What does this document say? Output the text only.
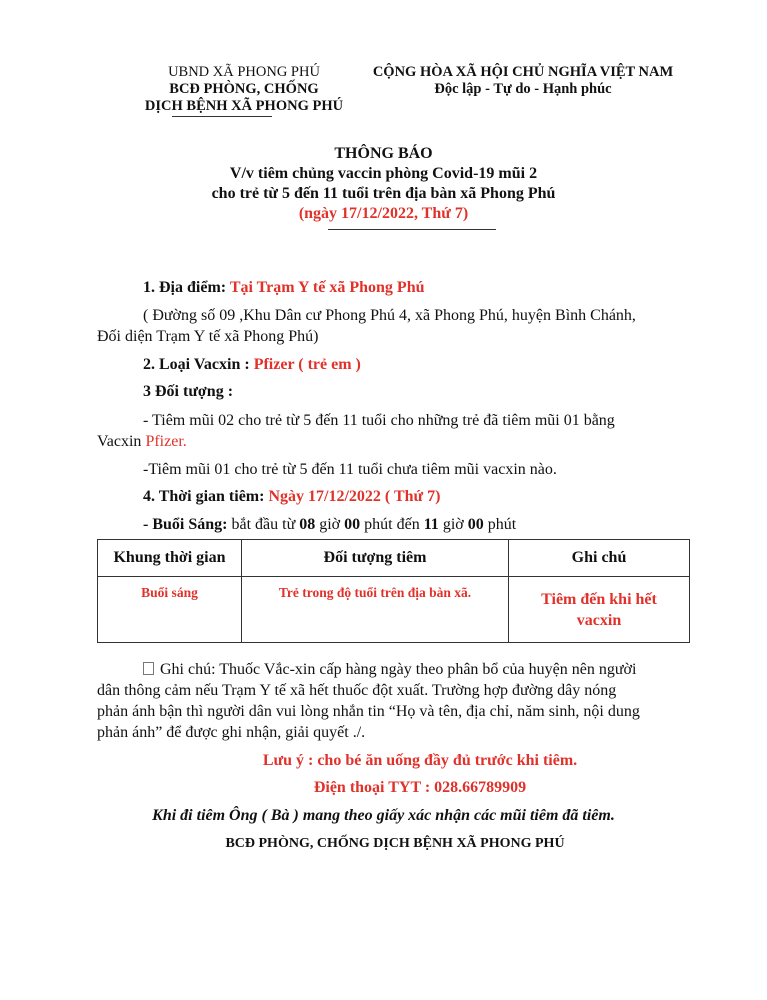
UBND XÃ PHONG PHÚ
BCĐ PHÒNG, CHỐNG
DỊCH BỆNH XÃ PHONG PHÚ
CỘNG HÒA XÃ HỘI CHỦ NGHĨA VIỆT NAM
Độc lập - Tự do - Hạnh phúc
THÔNG BÁO
V/v tiêm chủng vaccin phòng Covid-19 mũi 2
cho trẻ từ 5 đến 11 tuổi trên địa bàn xã Phong Phú
(ngày 17/12/2022, Thứ 7)
1. Địa điểm: Tại Trạm Y tế xã Phong Phú
( Đường số 09 ,Khu Dân cư Phong Phú 4, xã Phong Phú, huyện Bình Chánh,
Đối diện Trạm Y tế xã Phong Phú)
2. Loại Vacxin : Pfizer ( trẻ em )
3 Đối tượng :
- Tiêm mũi 02 cho trẻ từ 5 đến 11 tuổi cho những trẻ đã tiêm mũi 01 bằng
Vacxin Pfizer.
-Tiêm mũi 01 cho trẻ từ 5 đến 11 tuổi chưa tiêm mũi vacxin nào.
4. Thời gian tiêm: Ngày 17/12/2022 ( Thứ 7)
- Buổi Sáng: bắt đầu từ 08 giờ 00 phút đến 11 giờ 00 phút
Khung thời gian	Đối tượng tiêm	Ghi chú
Buổi sáng	Trẻ trong độ tuổi trên địa bàn xã.	Tiêm đến khi hết
vacxin
Ghi chú: Thuốc Vắc-xin cấp hàng ngày theo phân bổ của huyện nên người
dân thông cảm nếu Trạm Y tế xã hết thuốc đột xuất. Trường hợp đường dây nóng
phản ánh bận thì người dân vui lòng nhắn tin “Họ và tên, địa chỉ, năm sinh, nội dung
phản ánh” để được ghi nhận, giải quyết ./.
Lưu ý : cho bé ăn uống đầy đủ trước khi tiêm.
Điện thoại TYT : 028.66789909
Khi đi tiêm Ông ( Bà ) mang theo giấy xác nhận các mũi tiêm đã tiêm.
BCĐ PHÒNG, CHỐNG DỊCH BỆNH XÃ PHONG PHÚ
